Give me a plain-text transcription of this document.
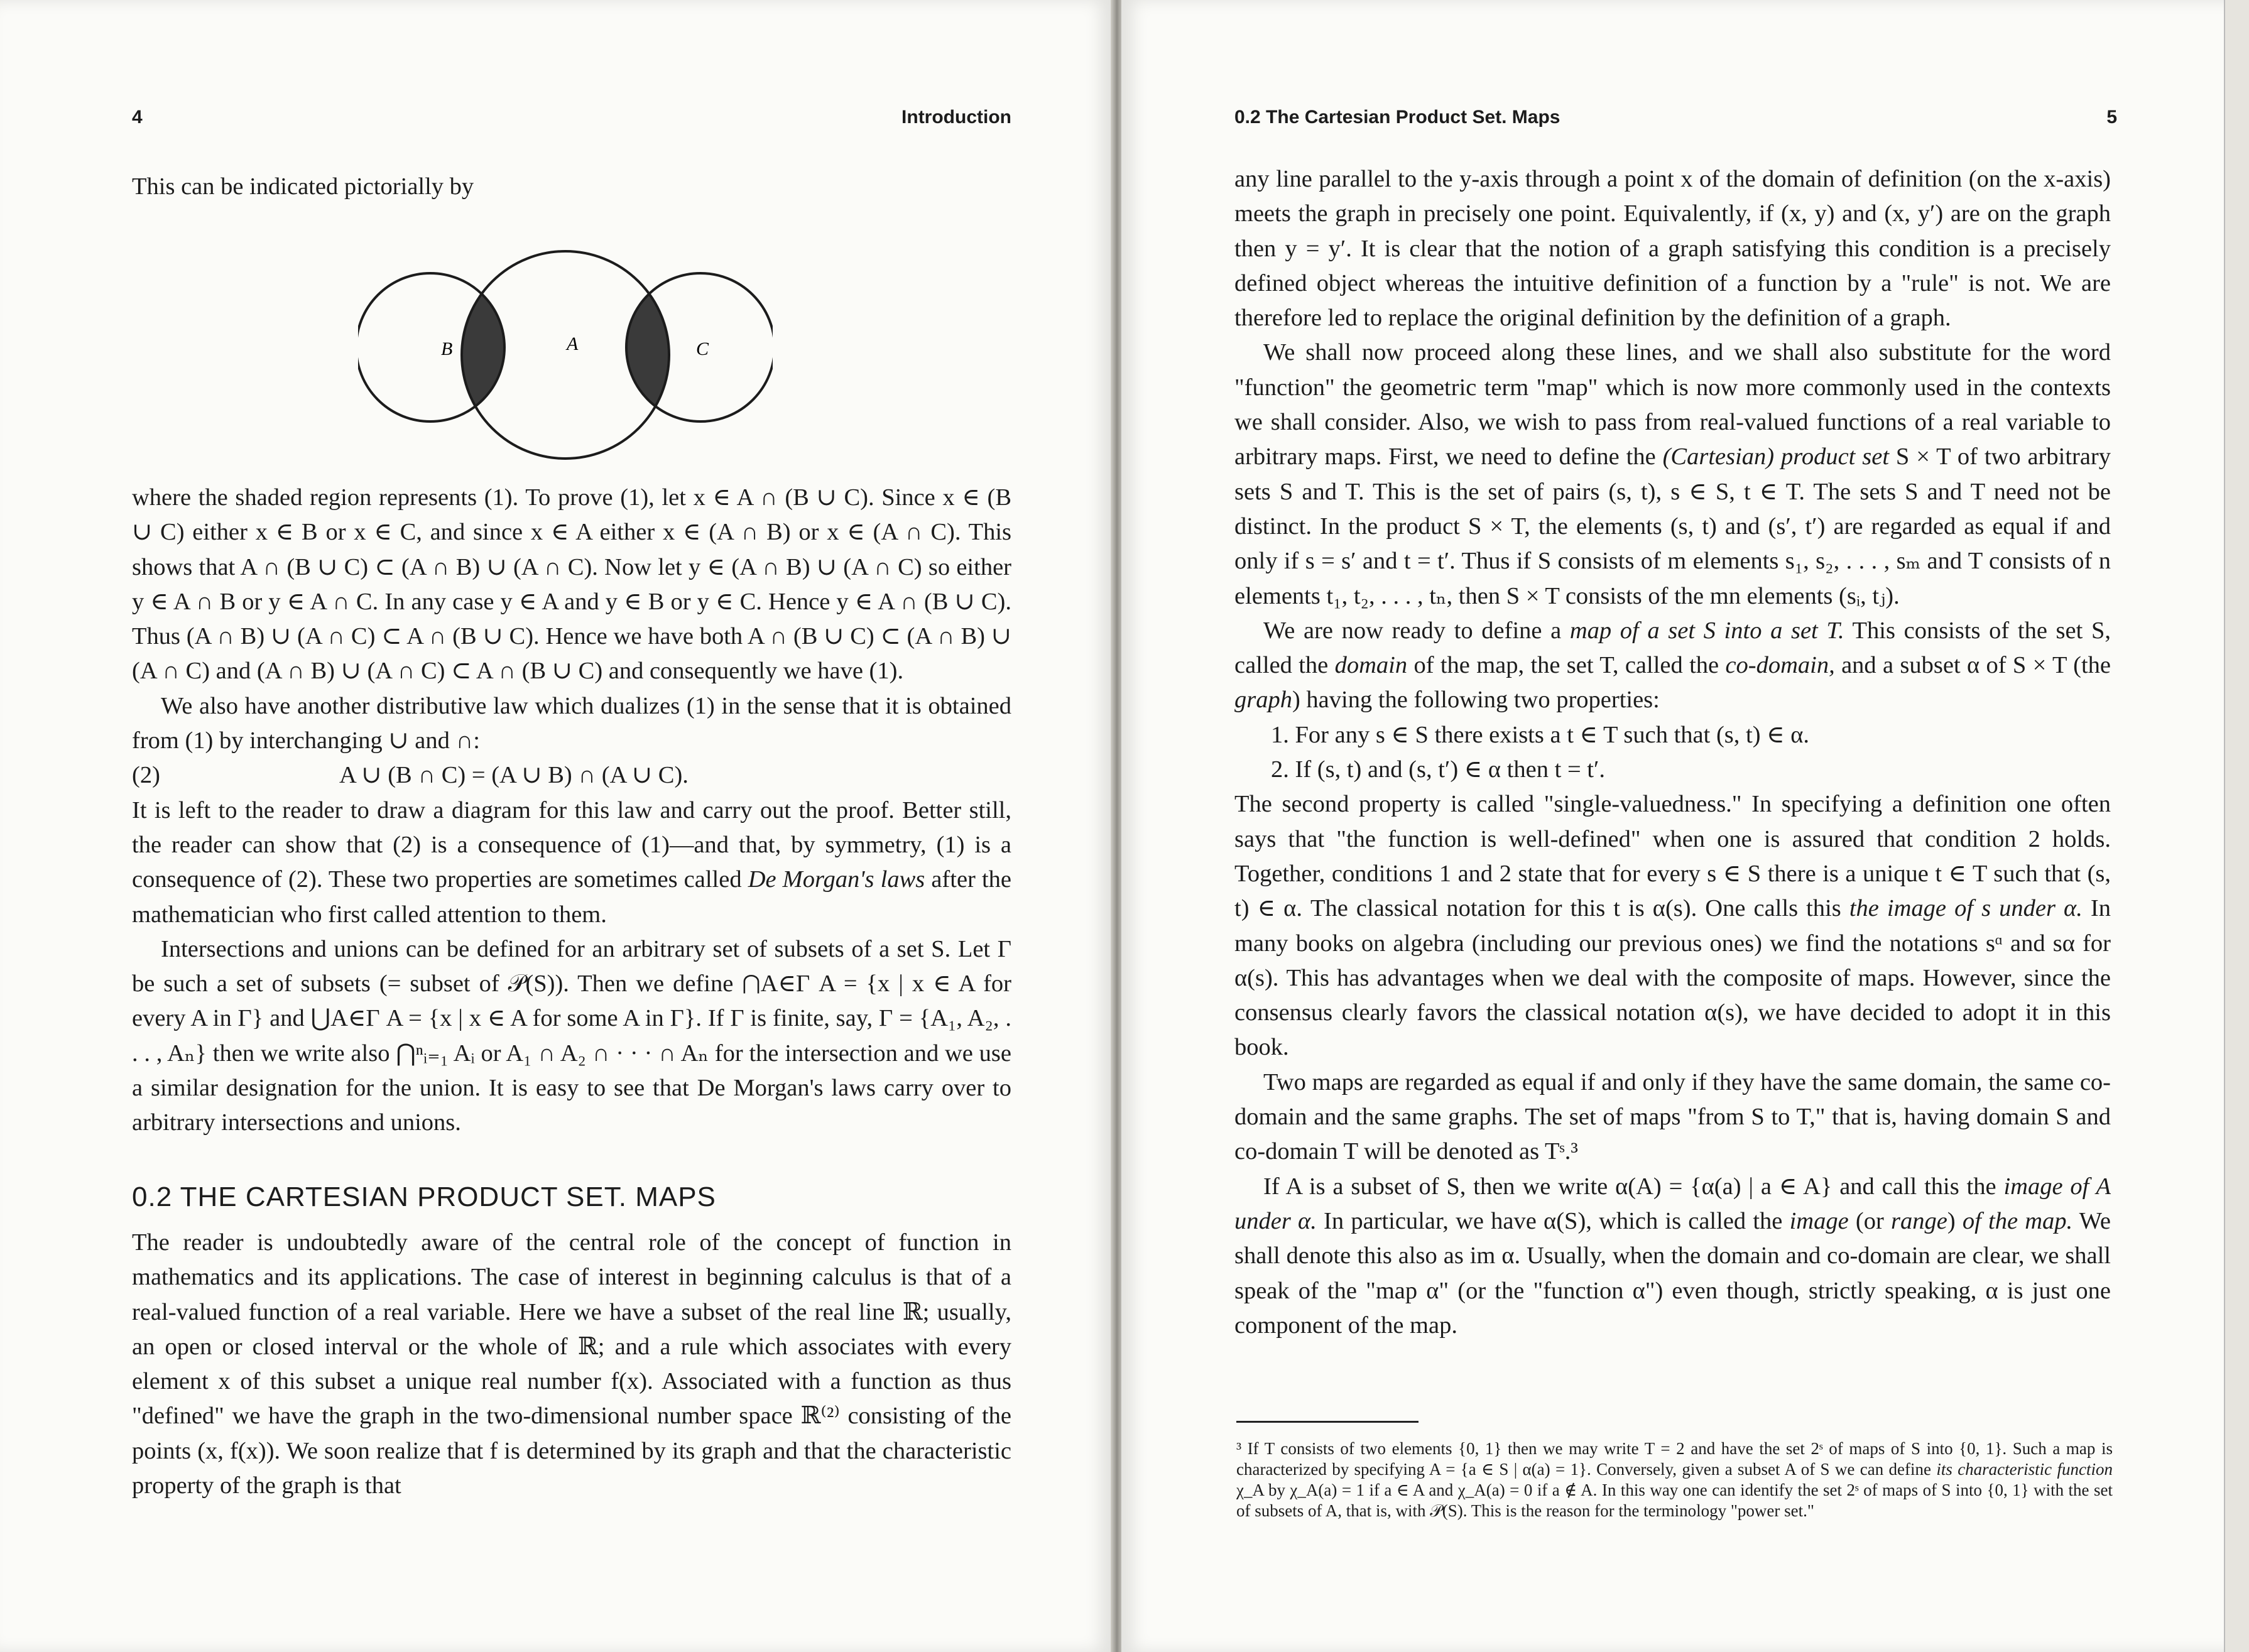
4	Introduction

This can be indicated pictorially by

B	A	C

where the shaded region represents (1). To prove (1), let x ∈ A ∩ (B ∪ C). Since x ∈ (B ∪ C) either x ∈ B or x ∈ C, and since x ∈ A either x ∈ (A ∩ B) or x ∈ (A ∩ C). This shows that A ∩ (B ∪ C) ⊂ (A ∩ B) ∪ (A ∩ C). Now let y ∈ (A ∩ B) ∪ (A ∩ C) so either y ∈ A ∩ B or y ∈ A ∩ C. In any case y ∈ A and y ∈ B or y ∈ C. Hence y ∈ A ∩ (B ∪ C). Thus (A ∩ B) ∪ (A ∩ C) ⊂ A ∩ (B ∪ C). Hence we have both A ∩ (B ∪ C) ⊂ (A ∩ B) ∪ (A ∩ C) and (A ∩ B) ∪ (A ∩ C) ⊂ A ∩ (B ∪ C) and consequently we have (1).

We also have another distributive law which dualizes (1) in the sense that it is obtained from (1) by interchanging ∪ and ∩:

(2)	A ∪ (B ∩ C) = (A ∪ B) ∩ (A ∪ C).

It is left to the reader to draw a diagram for this law and carry out the proof. Better still, the reader can show that (2) is a consequence of (1)—and that, by symmetry, (1) is a consequence of (2). These two properties are sometimes called De Morgan's laws after the mathematician who first called attention to them.

Intersections and unions can be defined for an arbitrary set of subsets of a set S. Let Γ be such a set of subsets (= subset of 𝒫(S)). Then we define ⋂A∈Γ A = {x | x ∈ A for every A in Γ} and ⋃A∈Γ A = {x | x ∈ A for some A in Γ}. If Γ is finite, say, Γ = {A₁, A₂, . . . , Aₙ} then we write also ⋂ⁿᵢ₌₁ Aᵢ or A₁ ∩ A₂ ∩ · · · ∩ Aₙ for the intersection and we use a similar designation for the union. It is easy to see that De Morgan's laws carry over to arbitrary intersections and unions.

0.2 THE CARTESIAN PRODUCT SET. MAPS

The reader is undoubtedly aware of the central role of the concept of function in mathematics and its applications. The case of interest in beginning calculus is that of a real-valued function of a real variable. Here we have a subset of the real line ℝ; usually, an open or closed interval or the whole of ℝ; and a rule which associates with every element x of this subset a unique real number f(x). Associated with a function as thus "defined" we have the graph in the two-dimensional number space ℝ⁽²⁾ consisting of the points (x, f(x)). We soon realize that f is determined by its graph and that the characteristic property of the graph is that

0.2 The Cartesian Product Set. Maps	5

any line parallel to the y-axis through a point x of the domain of definition (on the x-axis) meets the graph in precisely one point. Equivalently, if (x, y) and (x, y′) are on the graph then y = y′. It is clear that the notion of a graph satisfying this condition is a precisely defined object whereas the intuitive definition of a function by a "rule" is not. We are therefore led to replace the original definition by the definition of a graph.

We shall now proceed along these lines, and we shall also substitute for the word "function" the geometric term "map" which is now more commonly used in the contexts we shall consider. Also, we wish to pass from real-valued functions of a real variable to arbitrary maps. First, we need to define the (Cartesian) product set S × T of two arbitrary sets S and T. This is the set of pairs (s, t), s ∈ S, t ∈ T. The sets S and T need not be distinct. In the product S × T, the elements (s, t) and (s′, t′) are regarded as equal if and only if s = s′ and t = t′. Thus if S consists of m elements s₁, s₂, . . . , sₘ and T consists of n elements t₁, t₂, . . . , tₙ, then S × T consists of the mn elements (sᵢ, tⱼ).

We are now ready to define a map of a set S into a set T. This consists of the set S, called the domain of the map, the set T, called the co-domain, and a subset α of S × T (the graph) having the following two properties:

1. For any s ∈ S there exists a t ∈ T such that (s, t) ∈ α.

2. If (s, t) and (s, t′) ∈ α then t = t′.

The second property is called "single-valuedness." In specifying a definition one often says that "the function is well-defined" when one is assured that condition 2 holds. Together, conditions 1 and 2 state that for every s ∈ S there is a unique t ∈ T such that (s, t) ∈ α. The classical notation for this t is α(s). One calls this the image of s under α. In many books on algebra (including our previous ones) we find the notations sᵅ and sα for α(s). This has advantages when we deal with the composite of maps. However, since the consensus clearly favors the classical notation α(s), we have decided to adopt it in this book.

Two maps are regarded as equal if and only if they have the same domain, the same co-domain and the same graphs. The set of maps "from S to T," that is, having domain S and co-domain T will be denoted as Tˢ.³

If A is a subset of S, then we write α(A) = {α(a) | a ∈ A} and call this the image of A under α. In particular, we have α(S), which is called the image (or range) of the map. We shall denote this also as im α. Usually, when the domain and co-domain are clear, we shall speak of the "map α" (or the "function α") even though, strictly speaking, α is just one component of the map.

³ If T consists of two elements {0, 1} then we may write T = 2 and have the set 2ˢ of maps of S into {0, 1}. Such a map is characterized by specifying A = {a ∈ S | α(a) = 1}. Conversely, given a subset A of S we can define its characteristic function χ_A by χ_A(a) = 1 if a ∈ A and χ_A(a) = 0 if a ∉ A. In this way one can identify the set 2ˢ of maps of S into {0, 1} with the set of subsets of A, that is, with 𝒫(S). This is the reason for the terminology "power set."
